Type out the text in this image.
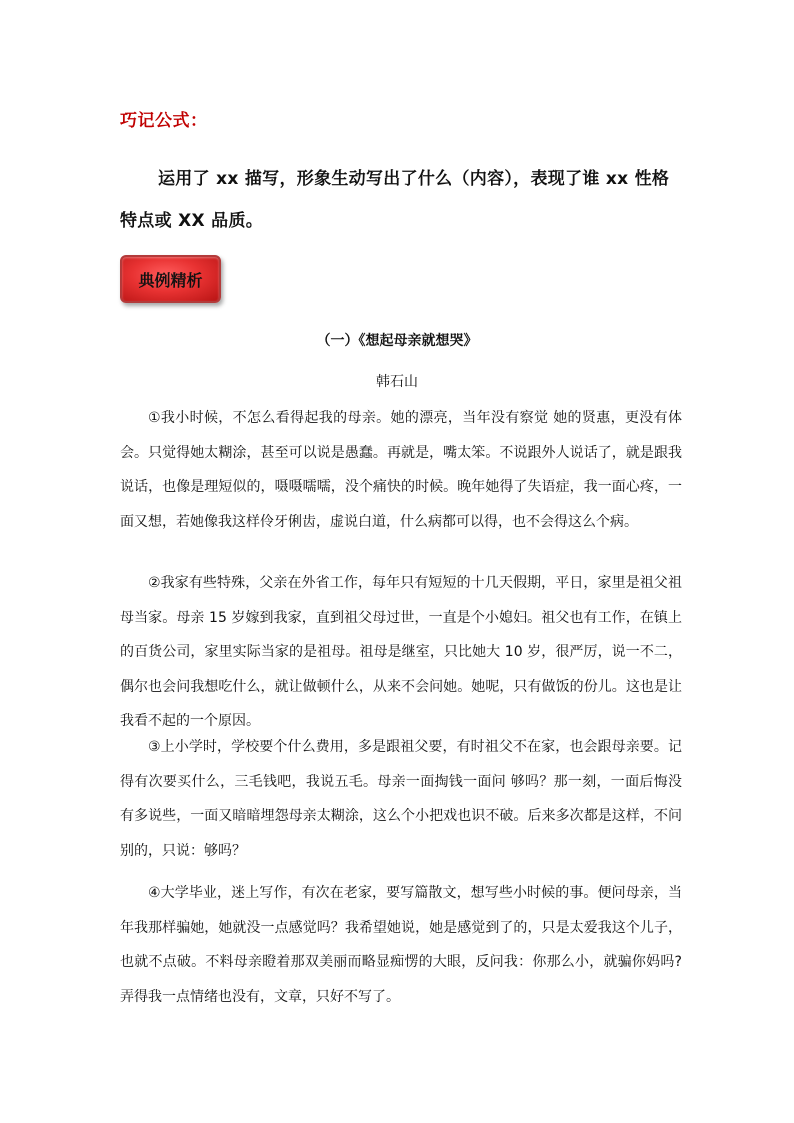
巧记公式：
运用了 xx 描写，形象生动写出了什么（内容），表现了谁 xx 性格特点或 XX 品质。
典例精析
（一）《想起母亲就想哭》
韩石山

①我小时候，不怎么看得起我的母亲。她的漂亮，当年没有察觉 她的贤惠，更没有体会。只觉得她太糊涂，甚至可以说是愚蠢。再就是，嘴太笨。不说跟外人说话了，就是跟我说话，也像是理短似的，嗫嗫嚅嚅，没个痛快的时候。晚年她得了失语症，我一面心疼，一面又想，若她像我这样伶牙俐齿，虚说白道，什么病都可以得，也不会得这么个病。

②我家有些特殊，父亲在外省工作，每年只有短短的十几天假期，平日，家里是祖父祖母当家。母亲 15 岁嫁到我家，直到祖父母过世，一直是个小媳妇。祖父也有工作，在镇上的百货公司，家里实际当家的是祖母。祖母是继室，只比她大 10 岁，很严厉，说一不二，偶尔也会问我想吃什么，就让做顿什么，从来不会问她。她呢，只有做饭的份儿。这也是让我看不起的一个原因。

③上小学时，学校要个什么费用，多是跟祖父要，有时祖父不在家，也会跟母亲要。记得有次要买什么，三毛钱吧，我说五毛。母亲一面掏钱一面问 够吗？那一刻，一面后悔没有多说些，一面又暗暗埋怨母亲太糊涂，这么个小把戏也识不破。后来多次都是这样，不问别的，只说：够吗？

④大学毕业，迷上写作，有次在老家，要写篇散文，想写些小时候的事。便问母亲，当年我那样骗她，她就没一点感觉吗？我希望她说，她是感觉到了的，只是太爱我这个儿子，也就不点破。不料母亲瞪着那双美丽而略显痴愣的大眼，反问我：你那么小，就骗你妈吗?弄得我一点情绪也没有，文章，只好不写了。
